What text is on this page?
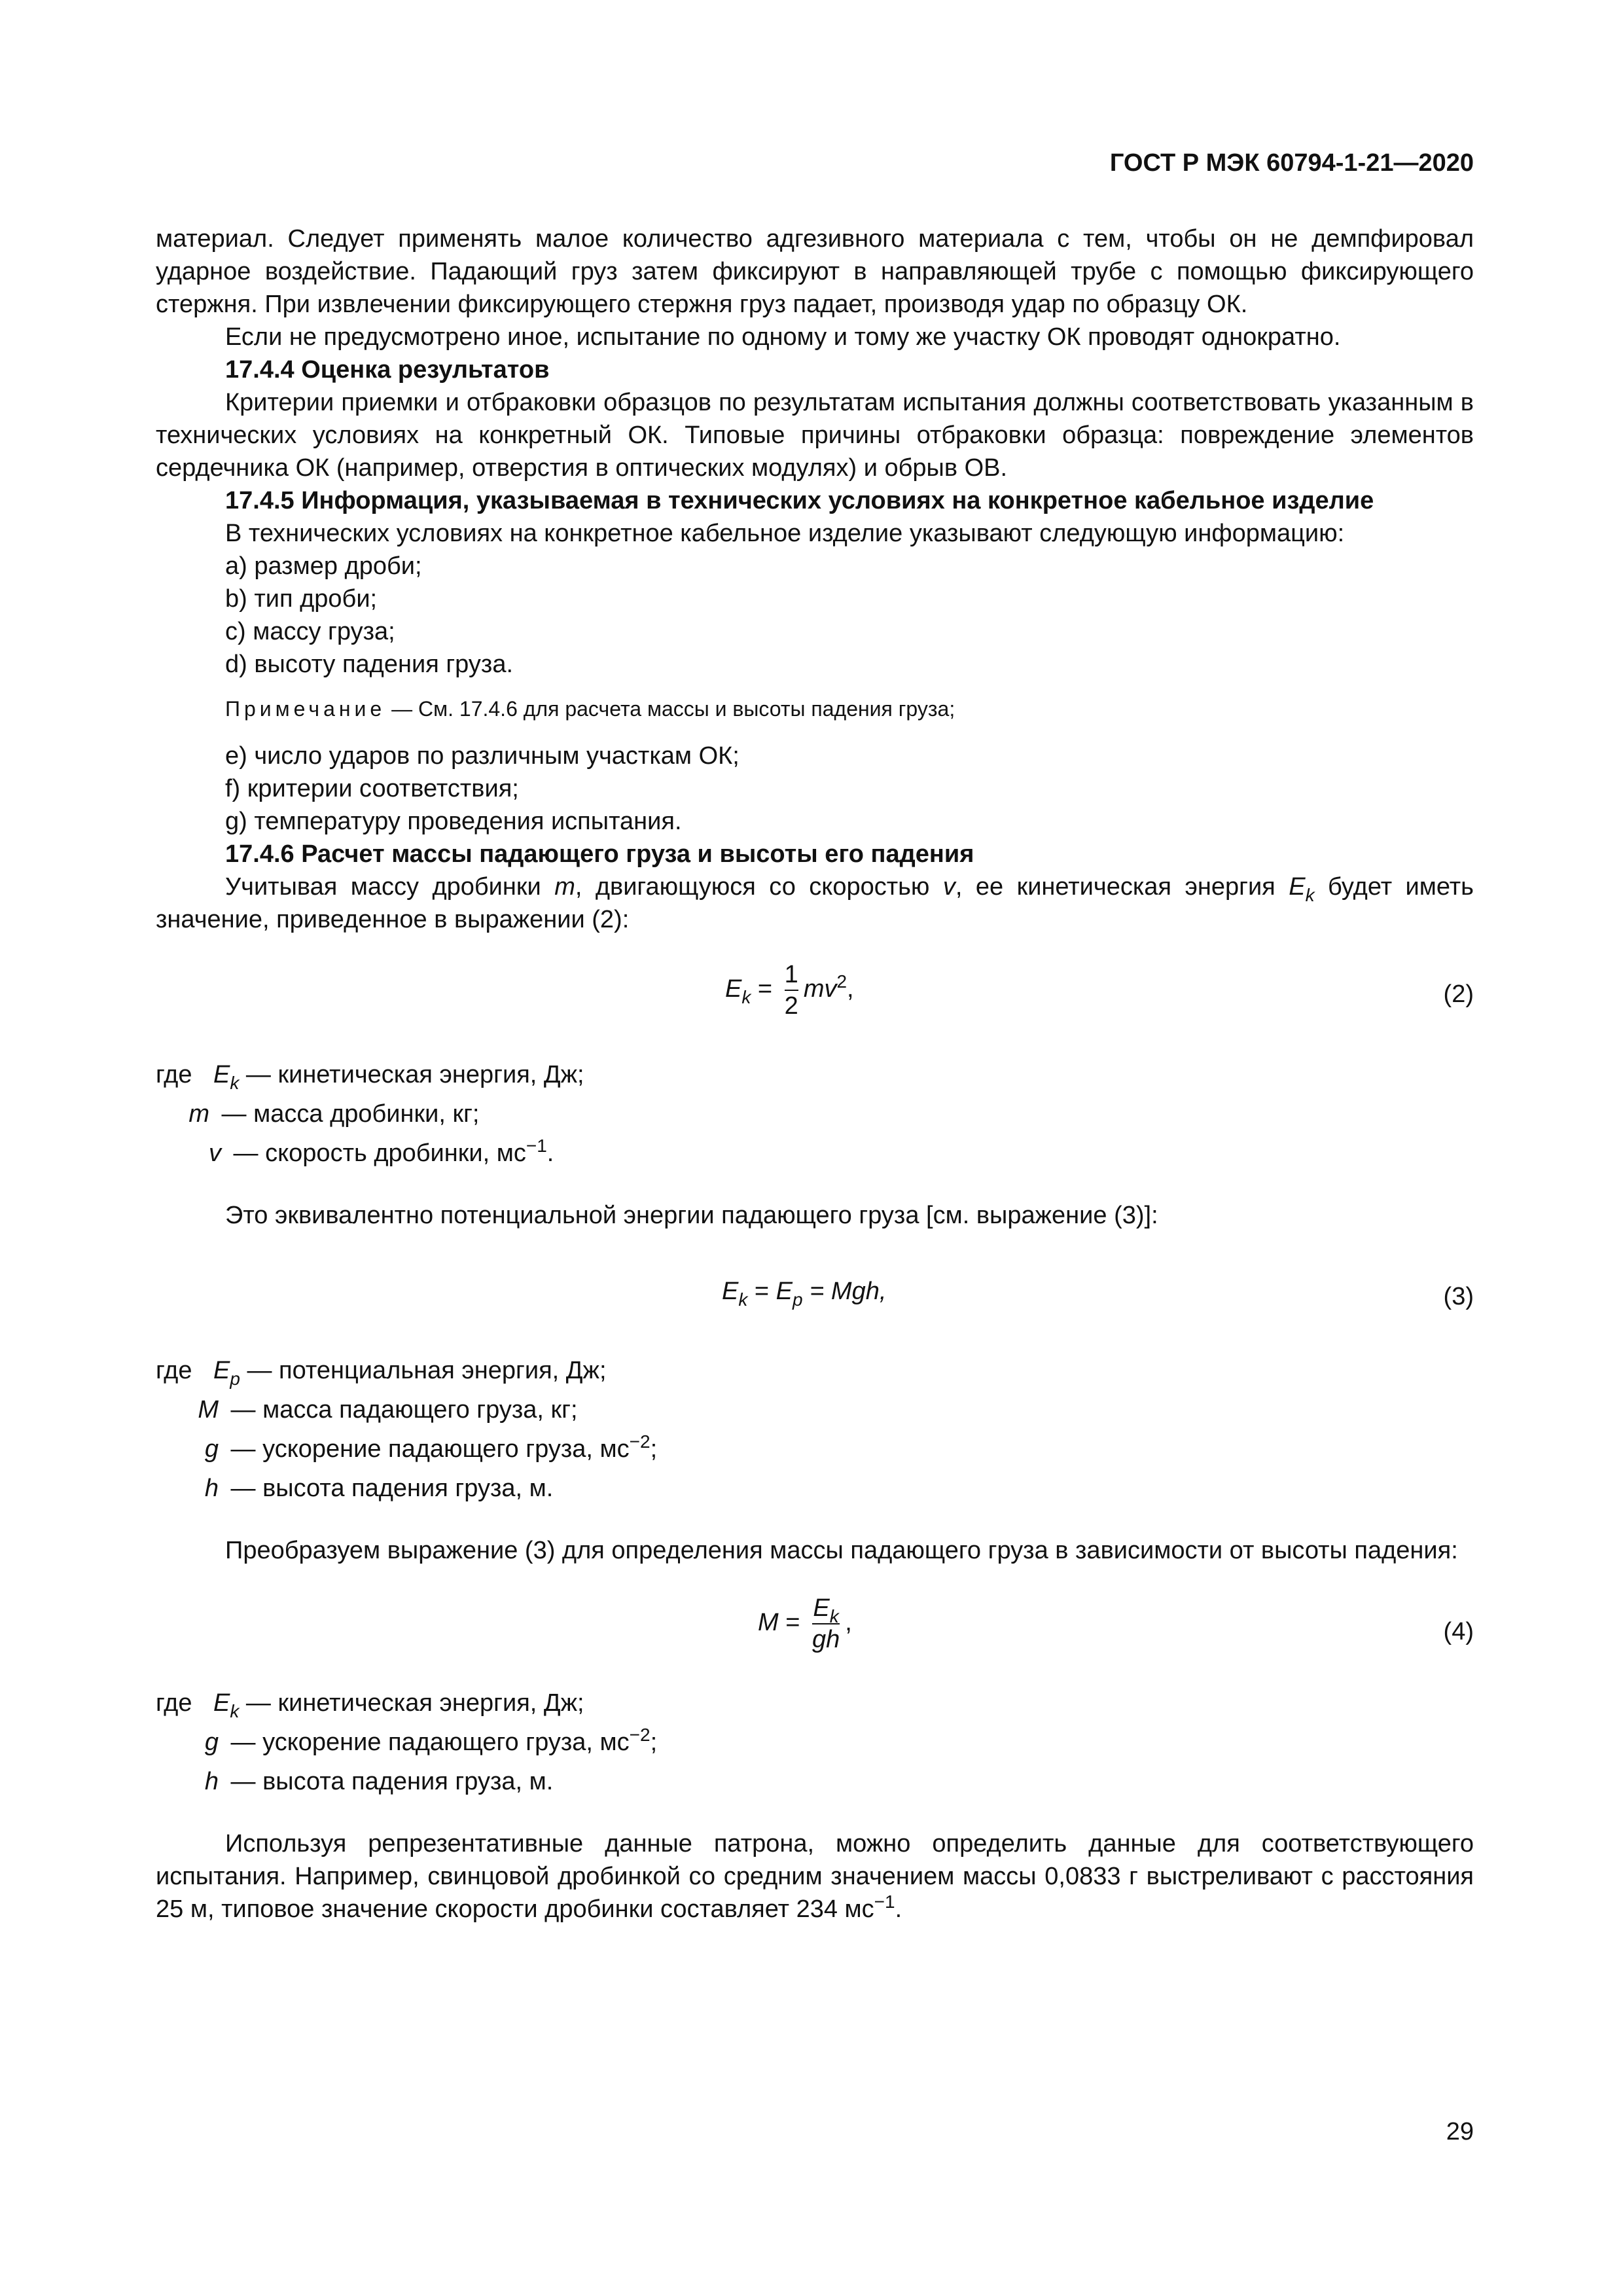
ГОСТ Р МЭК 60794-1-21—2020

материал. Следует применять малое количество адгезивного материала с тем, чтобы он не демпфировал ударное воздействие. Падающий груз затем фиксируют в направляющей трубе с помощью фиксирующего стержня. При извлечении фиксирующего стержня груз падает, производя удар по образцу ОК.

Если не предусмотрено иное, испытание по одному и тому же участку ОК проводят однократно.

17.4.4 Оценка результатов

Критерии приемки и отбраковки образцов по результатам испытания должны соответствовать указанным в технических условиях на конкретный ОК. Типовые причины отбраковки образца: повреждение элементов сердечника ОК (например, отверстия в оптических модулях) и обрыв ОВ.

17.4.5 Информация, указываемая в технических условиях на конкретное кабельное изделие

В технических условиях на конкретное кабельное изделие указывают следующую информацию:

a) размер дроби;

b) тип дроби;

c) массу груза;

d) высоту падения груза.

Примечание — См. 17.4.6 для расчета массы и высоты падения груза;

e) число ударов по различным участкам ОК;

f) критерии соответствия;

g) температуру проведения испытания.

17.4.6 Расчет массы падающего груза и высоты его падения

Учитывая массу дробинки m, двигающуюся со скоростью v, ее кинетическая энергия $E_k$ будет иметь значение, приведенное в выражении (2):

$E_k = \frac{1}{2} mv^2$,	(2)

где $E_k$ — кинетическая энергия, Дж;

m — масса дробинки, кг;

v — скорость дробинки, $мс^{-1}$.

Это эквивалентно потенциальной энергии падающего груза [см. выражение (3)]:

$E_k = E_p$ = Mgh,	(3)

где $E_p$ — потенциальная энергия, Дж;

M — масса падающего груза, кг;

g — ускорение падающего груза, $мс^{-2}$;

h — высота падения груза, м.

Преобразуем выражение (3) для определения массы падающего груза в зависимости от высоты падения:

$M = \frac{E_k}{gh}$ ,	(4)

где $E_k$ — кинетическая энергия, Дж;

g — ускорение падающего груза, $мс^{-2}$;

h — высота падения груза, м.

Используя репрезентативные данные патрона, можно определить данные для соответствующего испытания. Например, свинцовой дробинкой со средним значением массы 0,0833 г выстреливают с расстояния 25 м, типовое значение скорости дробинки составляет 234 $мс^{-1}$.

29
